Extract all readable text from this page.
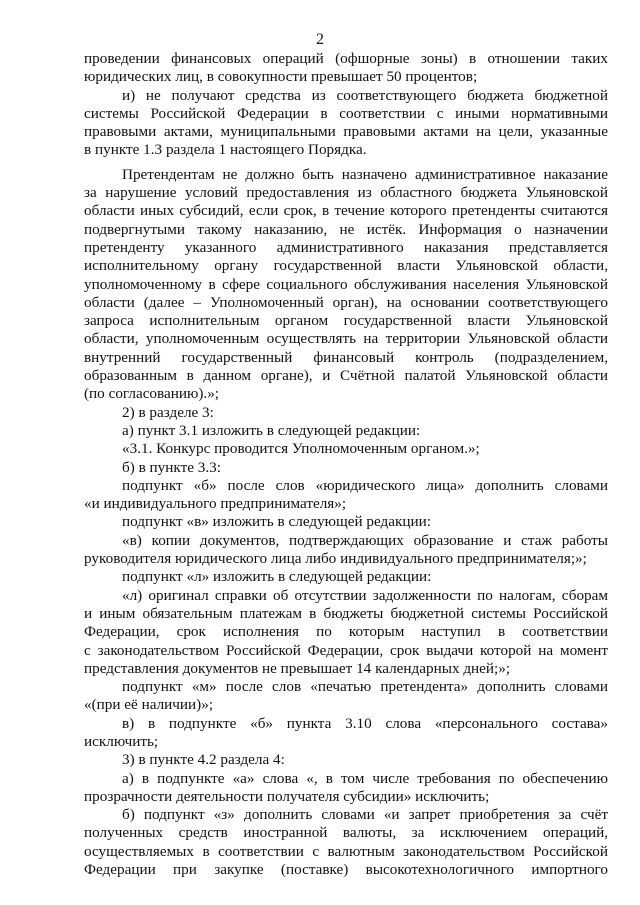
2
проведении финансовых операций (офшорные зоны) в отношении таких
юридических лиц, в совокупности превышает 50 процентов;
и) не получают средства из соответствующего бюджета бюджетной
системы Российской Федерации в соответствии с иными нормативными
правовыми актами, муниципальными правовыми актами на цели, указанные
в пункте 1.3 раздела 1 настоящего Порядка.
Претендентам не должно быть назначено административное наказание
за нарушение условий предоставления из областного бюджета Ульяновской
области иных субсидий, если срок, в течение которого претенденты считаются
подвергнутыми такому наказанию, не истёк. Информация о назначении
претенденту указанного административного наказания представляется
исполнительному органу государственной власти Ульяновской области,
уполномоченному в сфере социального обслуживания населения Ульяновской
области (далее – Уполномоченный орган), на основании соответствующего
запроса исполнительным органом государственной власти Ульяновской
области, уполномоченным осуществлять на территории Ульяновской области
внутренний государственный финансовый контроль (подразделением,
образованным в данном органе), и Счётной палатой Ульяновской области
(по согласованию).»;
2) в разделе 3:
а) пункт 3.1 изложить в следующей редакции:
«3.1. Конкурс проводится Уполномоченным органом.»;
б) в пункте 3.3:
подпункт «б» после слов «юридического лица» дополнить словами
«и индивидуального предпринимателя»;
подпункт «в» изложить в следующей редакции:
«в) копии документов, подтверждающих образование и стаж работы
руководителя юридического лица либо индивидуального предпринимателя;»;
подпункт «л» изложить в следующей редакции:
«л) оригинал справки об отсутствии задолженности по налогам, сборам
и иным обязательным платежам в бюджеты бюджетной системы Российской
Федерации, срок исполнения по которым наступил в соответствии
с законодательством Российской Федерации, срок выдачи которой на момент
представления документов не превышает 14 календарных дней;»;
подпункт «м» после слов «печатью претендента» дополнить словами
«(при её наличии)»;
в) в подпункте «б» пункта 3.10 слова «персонального состава»
исключить;
3) в пункте 4.2 раздела 4:
а) в подпункте «а» слова «, в том числе требования по обеспечению
прозрачности деятельности получателя субсидии» исключить;
б) подпункт «з» дополнить словами «и запрет приобретения за счёт
полученных средств иностранной валюты, за исключением операций,
осуществляемых в соответствии с валютным законодательством Российской
Федерации при закупке (поставке) высокотехнологичного импортного
